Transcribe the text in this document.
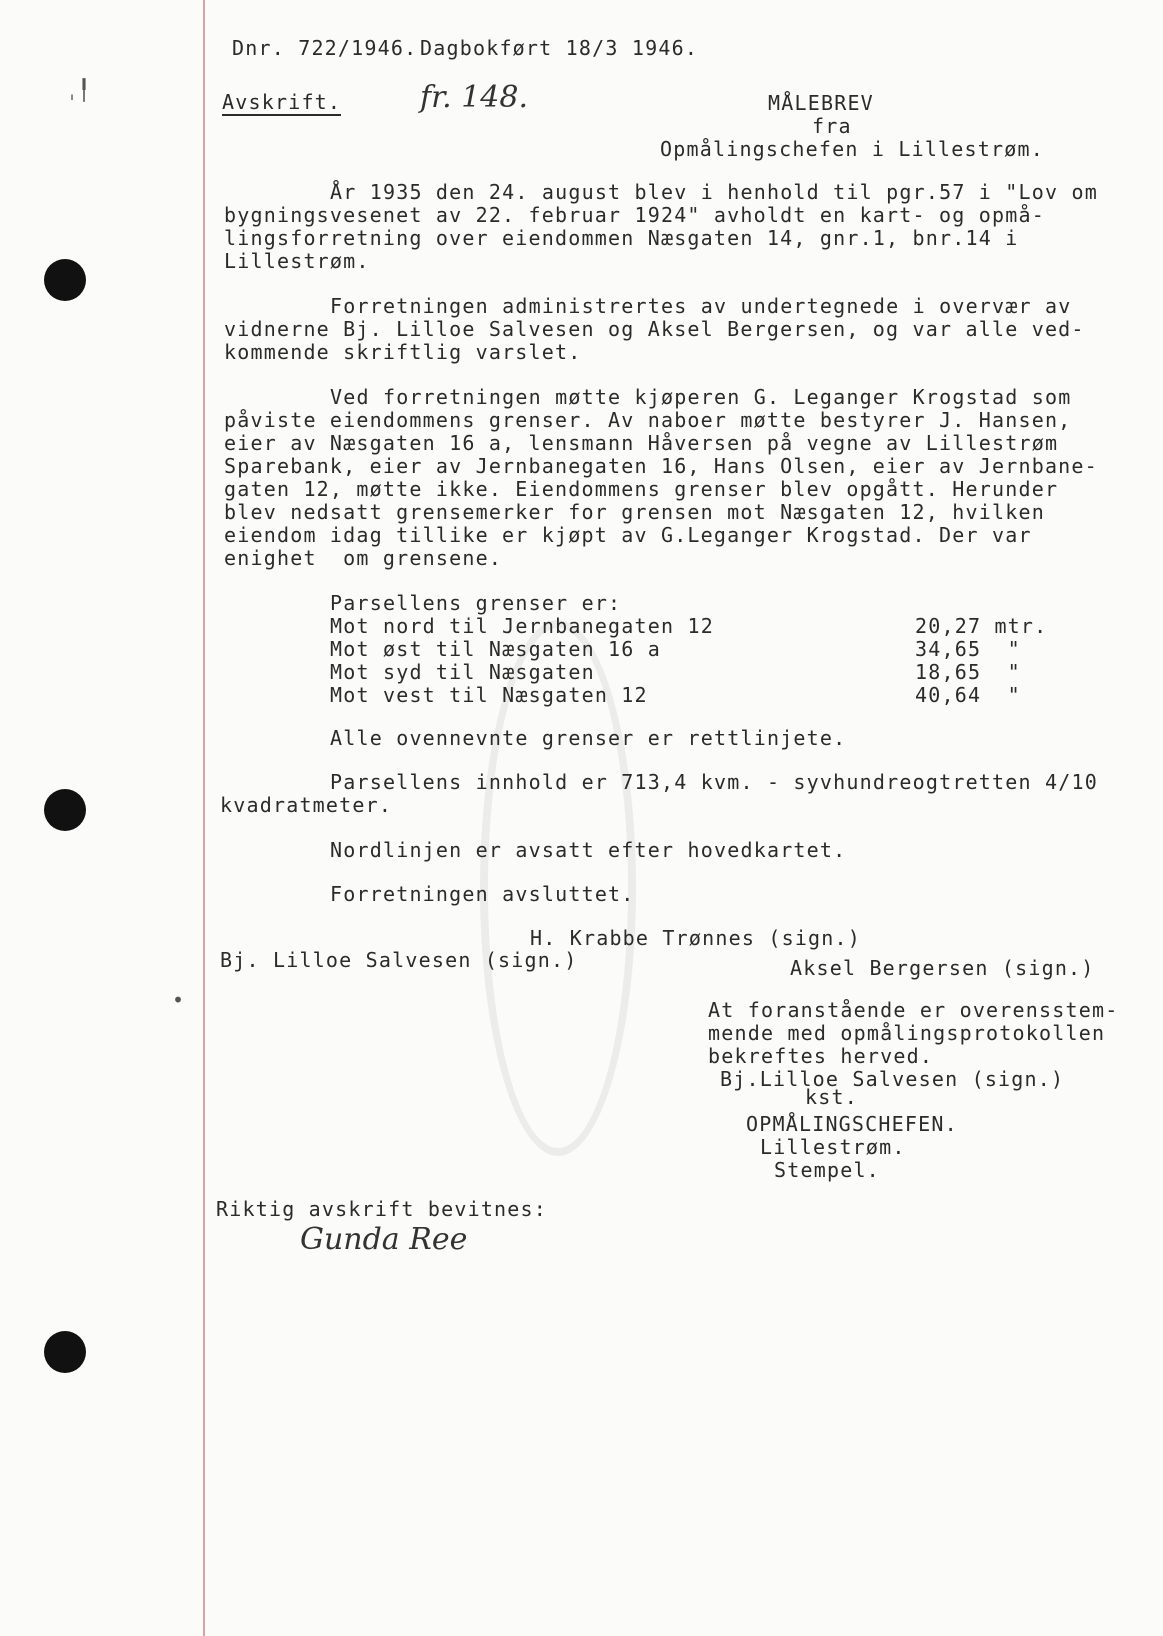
ˌ╿
•
Dnr. 722/1946. Dagbokført 18/3 1946.
Avskrift.	fr. 148.	MÅLEBREV
fra
Opmålingschefen i Lillestrøm.
År 1935 den 24. august blev i henhold til pgr.57 i "Lov om
bygningsvesenet av 22. februar 1924" avholdt en kart- og opmå-
lingsforretning over eiendommen Næsgaten 14, gnr.1, bnr.14 i
Lillestrøm.
Forretningen administrertes av undertegnede i overvær av
vidnerne Bj. Lilloe Salvesen og Aksel Bergersen, og var alle ved-
kommende skriftlig varslet.
Ved forretningen møtte kjøperen G. Leganger Krogstad som
påviste eiendommens grenser. Av naboer møtte bestyrer J. Hansen,
eier av Næsgaten 16 a, lensmann Håversen på vegne av Lillestrøm
Sparebank, eier av Jernbanegaten 16, Hans Olsen, eier av Jernbane-
gaten 12, møtte ikke. Eiendommens grenser blev opgått. Herunder
blev nedsatt grensemerker for grensen mot Næsgaten 12, hvilken
eiendom idag tillike er kjøpt av G.Leganger Krogstad. Der var
enighet  om grensene.
Parsellens grenser er:
Mot nord til Jernbanegaten 12	20,27 mtr.
Mot øst til Næsgaten 16 a	34,65  "
Mot syd til Næsgaten	18,65  "
Mot vest til Næsgaten 12	40,64  "
Alle ovennevnte grenser er rettlinjete.
Parsellens innhold er 713,4 kvm. - syvhundreogtretten 4/10
kvadratmeter.
Nordlinjen er avsatt efter hovedkartet.
Forretningen avsluttet.
H. Krabbe Trønnes (sign.)
Bj. Lilloe Salvesen (sign.)	Aksel Bergersen (sign.)
At foranstående er overensstem-
mende med opmålingsprotokollen
bekreftes herved.
Bj.Lilloe Salvesen (sign.)
kst.
OPMÅLINGSCHEFEN.
Lillestrøm.
Stempel.
Riktig avskrift bevitnes:
Gunda Ree
